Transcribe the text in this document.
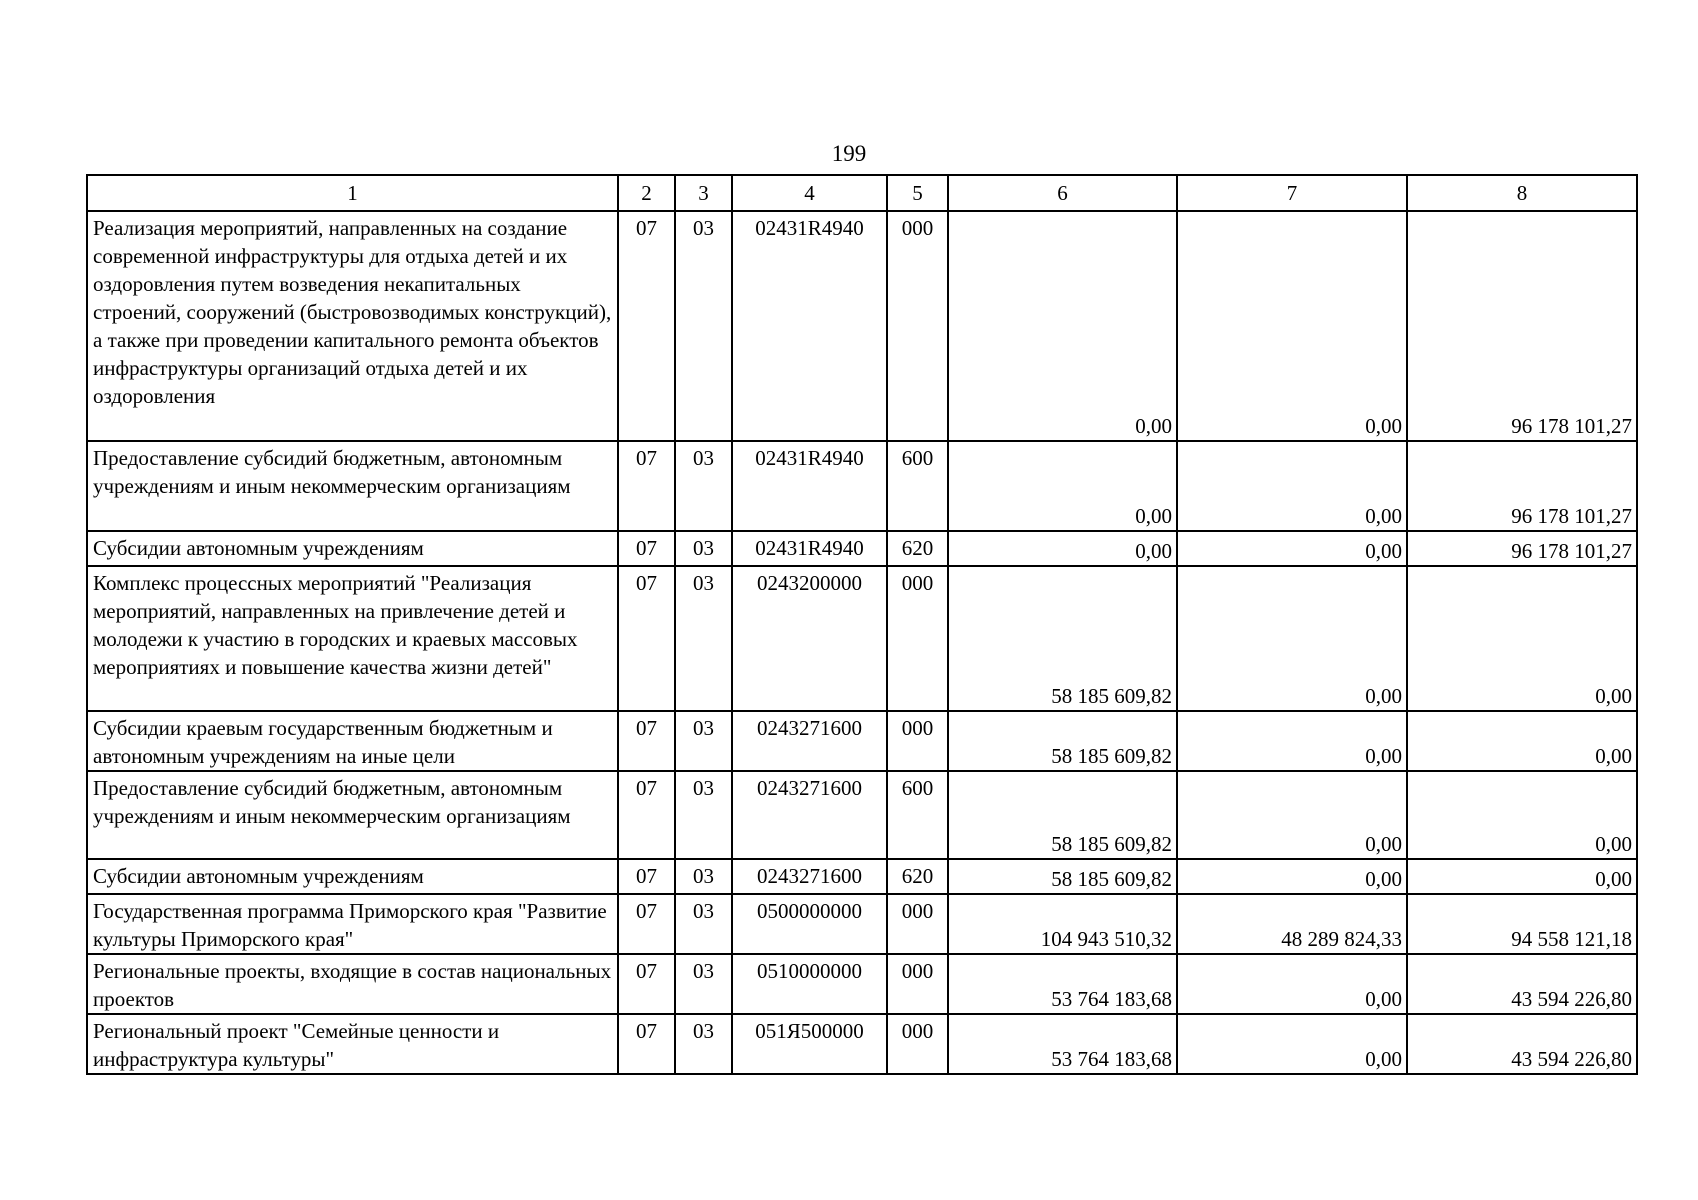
199
1	2	3	4	5	6	7	8
Реализация мероприятий, направленных на создание современной инфраструктуры для отдыха детей и их оздоровления путем возведения некапитальных строений, сооружений (быстровозводимых конструкций), а также при проведении капитального ремонта объектов инфраструктуры организаций отдыха детей и их оздоровления	07	03	02431R4940	000	0,00	0,00	96 178 101,27
Предоставление субсидий бюджетным, автономным учреждениям и иным некоммерческим организациям	07	03	02431R4940	600	0,00	0,00	96 178 101,27
Субсидии автономным учреждениям	07	03	02431R4940	620	0,00	0,00	96 178 101,27
Комплекс процессных мероприятий "Реализация мероприятий, направленных на привлечение детей и молодежи к участию в городских и краевых массовых мероприятиях и повышение качества жизни детей"	07	03	0243200000	000	58 185 609,82	0,00	0,00
Субсидии краевым государственным бюджетным и автономным учреждениям на иные цели	07	03	0243271600	000	58 185 609,82	0,00	0,00
Предоставление субсидий бюджетным, автономным учреждениям и иным некоммерческим организациям	07	03	0243271600	600	58 185 609,82	0,00	0,00
Субсидии автономным учреждениям	07	03	0243271600	620	58 185 609,82	0,00	0,00
Государственная программа Приморского края "Развитие культуры Приморского края"	07	03	0500000000	000	104 943 510,32	48 289 824,33	94 558 121,18
Региональные проекты, входящие в состав национальных проектов	07	03	0510000000	000	53 764 183,68	0,00	43 594 226,80
Региональный проект "Семейные ценности и инфраструктура культуры"	07	03	051Я500000	000	53 764 183,68	0,00	43 594 226,80
